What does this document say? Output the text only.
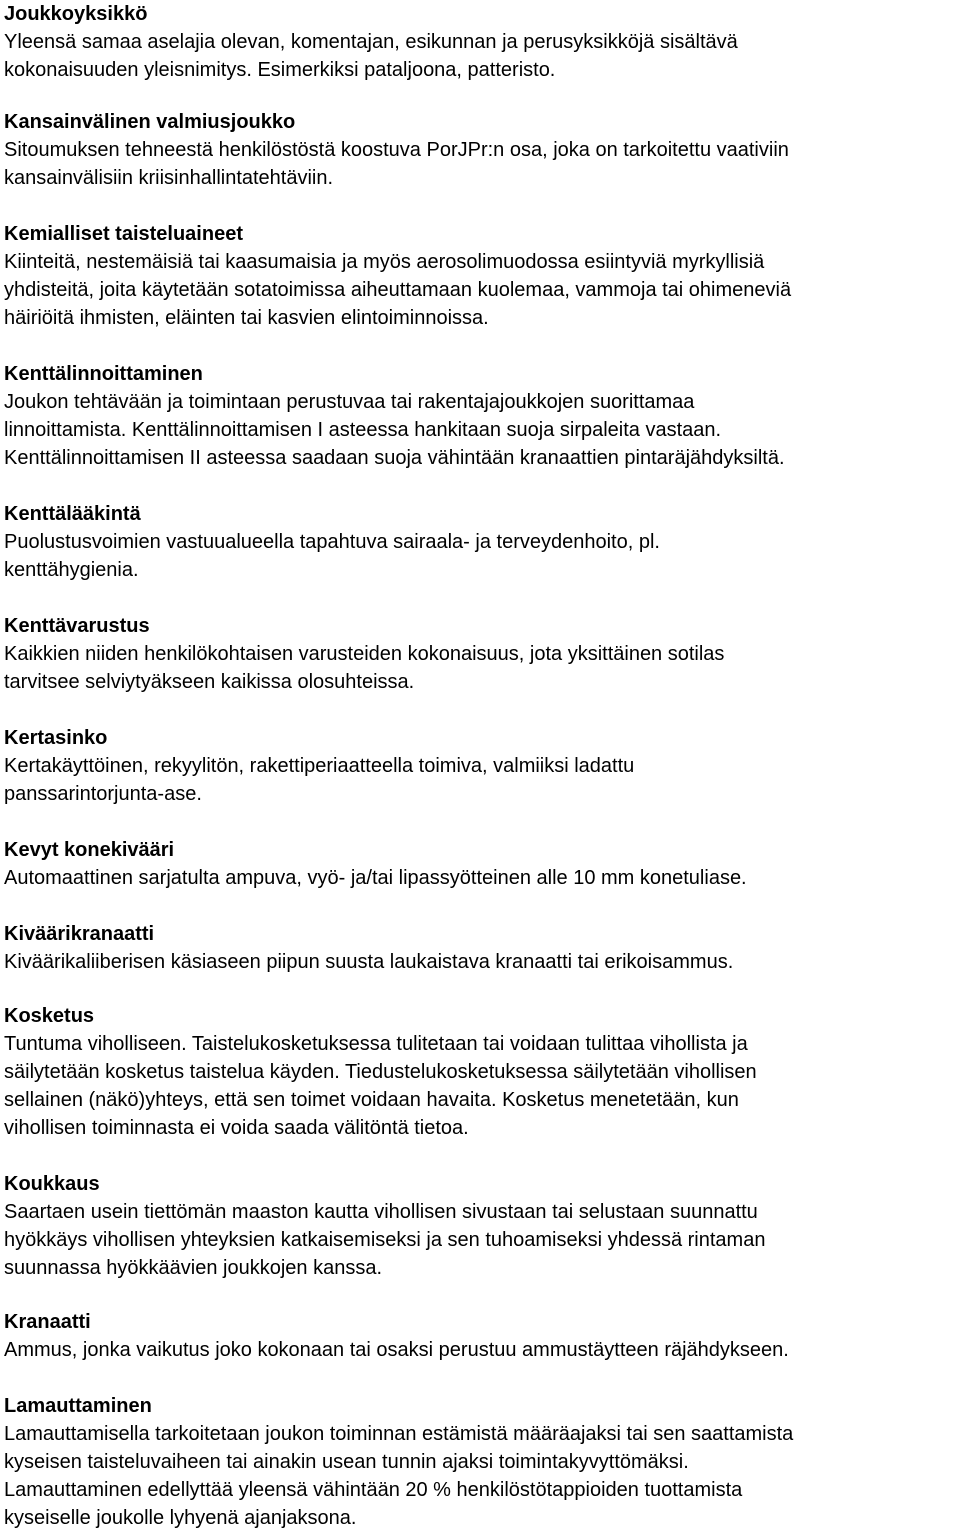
Joukkoyksikkö
Yleensä samaa aselajia olevan, komentajan, esikunnan ja perusyksikköjä sisältävä
kokonaisuuden yleisnimitys. Esimerkiksi pataljoona, patteristo.
Kansainvälinen valmiusjoukko
Sitoumuksen tehneestä henkilöstöstä koostuva PorJPr:n osa, joka on tarkoitettu vaativiin
kansainvälisiin kriisinhallintatehtäviin.
Kemialliset taisteluaineet
Kiinteitä, nestemäisiä tai kaasumaisia ja myös aerosolimuodossa esiintyviä myrkyllisiä
yhdisteitä, joita käytetään sotatoimissa aiheuttamaan kuolemaa, vammoja tai ohimeneviä
häiriöitä ihmisten, eläinten tai kasvien elintoiminnoissa.
Kenttälinnoittaminen
Joukon tehtävään ja toimintaan perustuvaa tai rakentajajoukkojen suorittamaa
linnoittamista. Kenttälinnoittamisen I asteessa hankitaan suoja sirpaleita vastaan.
Kenttälinnoittamisen II asteessa saadaan suoja vähintään kranaattien pintaräjähdyksiltä.
Kenttälääkintä
Puolustusvoimien vastuualueella tapahtuva sairaala- ja terveydenhoito, pl.
kenttähygienia.
Kenttävarustus
Kaikkien niiden henkilökohtaisen varusteiden kokonaisuus, jota yksittäinen sotilas
tarvitsee selviytyäkseen kaikissa olosuhteissa.
Kertasinko
Kertakäyttöinen, rekyylitön, rakettiperiaatteella toimiva, valmiiksi ladattu
panssarintorjunta-ase.
Kevyt konekivääri
Automaattinen sarjatulta ampuva, vyö- ja/tai lipassyötteinen alle 10 mm konetuliase.
Kiväärikranaatti
Kiväärikaliiberisen käsiaseen piipun suusta laukaistava kranaatti tai erikoisammus.
Kosketus
Tuntuma viholliseen. Taistelukosketuksessa tulitetaan tai voidaan tulittaa vihollista ja
säilytetään kosketus taistelua käyden. Tiedustelukosketuksessa säilytetään vihollisen
sellainen (näkö)yhteys, että sen toimet voidaan havaita. Kosketus menetetään, kun
vihollisen toiminnasta ei voida saada välitöntä tietoa.
Koukkaus
Saartaen usein tiettömän maaston kautta vihollisen sivustaan tai selustaan suunnattu
hyökkäys vihollisen yhteyksien katkaisemiseksi ja sen tuhoamiseksi yhdessä rintaman
suunnassa hyökkäävien joukkojen kanssa.
Kranaatti
Ammus, jonka vaikutus joko kokonaan tai osaksi perustuu ammustäytteen räjähdykseen.
Lamauttaminen
Lamauttamisella tarkoitetaan joukon toiminnan estämistä määräajaksi tai sen saattamista
kyseisen taisteluvaiheen tai ainakin usean tunnin ajaksi toimintakyvyttömäksi.
Lamauttaminen edellyttää yleensä vähintään 20 % henkilöstötappioiden tuottamista
kyseiselle joukolle lyhyenä ajanjaksona.
